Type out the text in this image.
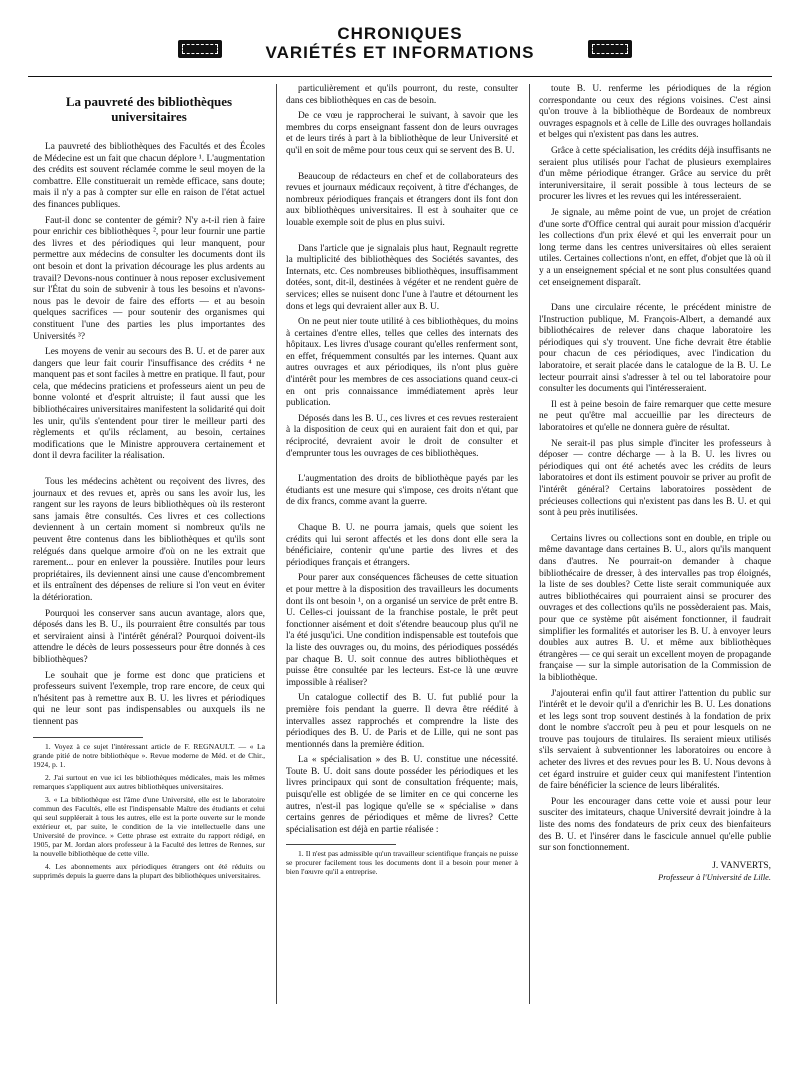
CHRONIQUES
VARIÉTÉS ET INFORMATIONS
La pauvreté des bibliothèques universitaires

La pauvreté des bibliothèques des Facultés et des Écoles de Médecine est un fait que chacun déplore ¹. L'augmentation des crédits est souvent réclamée comme le seul moyen de la combattre. Elle constituerait un remède efficace, sans doute; mais il n'y a pas à compter sur elle en raison de l'état actuel des finances publiques.

Faut-il donc se contenter de gémir? N'y a-t-il rien à faire pour enrichir ces bibliothèques ², pour leur fournir une partie des livres et des périodiques qui leur manquent, pour permettre aux médecins de consulter les documents dont ils ont besoin et dont la privation décourage les plus ardents au travail? Devons-nous continuer à nous reposer exclusivement sur l'État du soin de subvenir à tous les besoins et n'avons-nous pas le devoir de faire des efforts — et au besoin quelques sacrifices — pour soutenir des organismes qui constituent l'une des parties les plus importantes des Universités ³?

Les moyens de venir au secours des B. U. et de parer aux dangers que leur fait courir l'insuffisance des crédits ⁴ ne manquent pas et sont faciles à mettre en pratique. Il faut, pour cela, que médecins praticiens et professeurs aient un peu de bonne volonté et d'esprit altruiste; il faut aussi que les bibliothécaires universitaires manifestent la solidarité qui doit les unir, qu'ils s'entendent pour tirer le meilleur parti des règlements et qu'ils réclament, au besoin, certaines modifications que le Ministre approuvera certainement et dont il devra faciliter la réalisation.

Tous les médecins achètent ou reçoivent des livres, des journaux et des revues et, après ou sans les avoir lus, les rangent sur les rayons de leurs bibliothèques où ils resteront sans jamais être consultés. Ces livres et ces collections deviennent à un certain moment si nombreux qu'ils ne peuvent être contenus dans les bibliothèques et qu'ils sont relégués dans quelque armoire d'où on ne les extrait que rarement... pour en enlever la poussière. Inutiles pour leurs propriétaires, ils deviennent ainsi une cause d'encombrement et ils entraînent des dépenses de reliure si l'on veut en éviter la détérioration.

Pourquoi les conserver sans aucun avantage, alors que, déposés dans les B. U., ils pourraient être consultés par tous et serviraient ainsi à l'intérêt général? Pourquoi doivent-ils attendre le décès de leurs possesseurs pour être donnés à ces bibliothèques?

Le souhait que je forme est donc que praticiens et professeurs suivent l'exemple, trop rare encore, de ceux qui n'hésitent pas à remettre aux B. U. les livres et périodiques qui ne leur sont pas indispensables ou auxquels ils ne tiennent pas

1. Voyez à ce sujet l'intéressant article de F. REGNAULT. — « La grande pitié de notre bibliothèque ». Revue moderne de Méd. et de Chir., 1924, p. 1.

2. J'ai surtout en vue ici les bibliothèques médicales, mais les mêmes remarques s'appliquent aux autres bibliothèques universitaires.

3. « La bibliothèque est l'âme d'une Université, elle est le laboratoire commun des Facultés, elle est l'indispensable Maître des étudiants et celui qui seul suppléerait à tous les autres, elle est la porte ouverte sur le monde extérieur et, par suite, le condition de la vie intellectuelle dans une Université de province. » Cette phrase est extraite du rapport rédigé, en 1905, par M. Jordan alors professeur à la Faculté des lettres de Rennes, sur la nouvelle bibliothèque de cette ville.

4. Les abonnements aux périodiques étrangers ont été réduits ou supprimés depuis la guerre dans la plupart des bibliothèques universitaires.

particulièrement et qu'ils pourront, du reste, consulter dans ces bibliothèques en cas de besoin.

De ce vœu je rapprocherai le suivant, à savoir que les membres du corps enseignant fassent don de leurs ouvrages et de leurs tirés à part à la bibliothèque de leur Université et qu'il en soit de même pour tous ceux qui se servent des B. U.

Beaucoup de rédacteurs en chef et de collaborateurs des revues et journaux médicaux reçoivent, à titre d'échanges, de nombreux périodiques français et étrangers dont ils font don aux bibliothèques universitaires. Il est à souhaiter que ce louable exemple soit de plus en plus suivi.

Dans l'article que je signalais plus haut, Regnault regrette la multiplicité des bibliothèques des Sociétés savantes, des Internats, etc. Ces nombreuses bibliothèques, insuffisamment dotées, sont, dit-il, destinées à végéter et ne rendent guère de services; elles se nuisent donc l'une à l'autre et détournent les dons et legs qui devraient aller aux B. U.

On ne peut nier toute utilité à ces bibliothèques, du moins à certaines d'entre elles, telles que celles des internats des hôpitaux. Les livres d'usage courant qu'elles renferment sont, en effet, fréquemment consultés par les internes. Quant aux autres ouvrages et aux périodiques, ils n'ont plus guère d'intérêt pour les membres de ces associations quand ceux-ci en ont pris connaissance immédiatement après leur publication.

Déposés dans les B. U., ces livres et ces revues resteraient à la disposition de ceux qui en auraient fait don et qui, par réciprocité, devraient avoir le droit de consulter et d'emprunter tous les ouvrages de ces bibliothèques.

L'augmentation des droits de bibliothèque payés par les étudiants est une mesure qui s'impose, ces droits n'étant que de dix francs, comme avant la guerre.

Chaque B. U. ne pourra jamais, quels que soient les crédits qui lui seront affectés et les dons dont elle sera la bénéficiaire, contenir qu'une partie des livres et des périodiques français et étrangers.

Pour parer aux conséquences fâcheuses de cette situation et pour mettre à la disposition des travailleurs les documents dont ils ont besoin ¹, on a organisé un service de prêt entre B. U. Celles-ci jouissant de la franchise postale, le prêt peut fonctionner aisément et doit s'étendre beaucoup plus qu'il ne l'a été jusqu'ici. Une condition indispensable est toutefois que la liste des ouvrages ou, du moins, des périodiques possédés par chaque B. U. soit connue des autres bibliothèques et puisse être consultée par les lecteurs. Est-ce là une œuvre impossible à réaliser?

Un catalogue collectif des B. U. fut publié pour la première fois pendant la guerre. Il devra être réédité à intervalles assez rapprochés et comprendre la liste des périodiques des B. U. de Paris et de Lille, qui ne sont pas mentionnés dans la première édition.

La « spécialisation » des B. U. constitue une nécessité. Toute B. U. doit sans doute posséder les périodiques et les livres principaux qui sont de consultation fréquente; mais, puisqu'elle est obligée de se limiter en ce qui concerne les autres, n'est-il pas logique qu'elle se « spécialise » dans certains genres de périodiques et même de livres? Cette spécialisation est déjà en partie réalisée :

1. Il n'est pas admissible qu'un travailleur scientifique français ne puisse se procurer facilement tous les documents dont il a besoin pour mener à bien l'œuvre qu'il a entreprise.

toute B. U. renferme les périodiques de la région correspondante ou ceux des régions voisines. C'est ainsi qu'on trouve à la bibliothèque de Bordeaux de nombreux ouvrages espagnols et à celle de Lille des ouvrages hollandais et belges qui n'existent pas dans les autres.

Grâce à cette spécialisation, les crédits déjà insuffisants ne seraient plus utilisés pour l'achat de plusieurs exemplaires d'un même périodique étranger. Grâce au service du prêt interuniversitaire, il serait possible à tous lecteurs de se procurer les livres et les revues qui les intéresseraient.

Je signale, au même point de vue, un projet de création d'une sorte d'Office central qui aurait pour mission d'acquérir les collections d'un prix élevé et qui les enverrait pour un long terme dans les centres universitaires où elles seraient utiles. Certaines collections n'ont, en effet, d'objet que là où il y a un enseignement spécial et ne sont plus consultées quand cet enseignement disparaît.

Dans une circulaire récente, le précédent ministre de l'Instruction publique, M. François-Albert, a demandé aux bibliothécaires de relever dans chaque laboratoire les périodiques qui s'y trouvent. Une fiche devrait être établie pour chacun de ces périodiques, avec l'indication du laboratoire, et serait placée dans le catalogue de la B. U. Le lecteur pourrait ainsi s'adresser à tel ou tel laboratoire pour consulter les documents qui l'intéresseraient.

Il est à peine besoin de faire remarquer que cette mesure ne peut qu'être mal accueillie par les directeurs de laboratoires et qu'elle ne donnera guère de résultat.

Ne serait-il pas plus simple d'inciter les professeurs à déposer — contre décharge — à la B. U. les livres ou périodiques qui ont été achetés avec les crédits de leurs laboratoires et dont ils estiment pouvoir se priver au profit de l'intérêt général? Certains laboratoires possèdent de précieuses collections qui n'existent pas dans les B. U. et qui sont à peu près inutilisées.

Certains livres ou collections sont en double, en triple ou même davantage dans certaines B. U., alors qu'ils manquent dans d'autres. Ne pourrait-on demander à chaque bibliothécaire de dresser, à des intervalles pas trop éloignés, la liste de ses doubles? Cette liste serait communiquée aux autres bibliothécaires qui pourraient ainsi se procurer des ouvrages et des collections qu'ils ne possèderaient pas. Mais, pour que ce système pût aisément fonctionner, il faudrait simplifier les formalités et autoriser les B. U. à envoyer leurs doubles aux autres B. U. et même aux bibliothèques étrangères — ce qui serait un excellent moyen de propagande française — sur la simple autorisation de la Commission de la bibliothèque.

J'ajouterai enfin qu'il faut attirer l'attention du public sur l'intérêt et le devoir qu'il a d'enrichir les B. U. Les donations et les legs sont trop souvent destinés à la fondation de prix dont le nombre s'accroît peu à peu et pour lesquels on ne trouve pas toujours de titulaires. Ils seraient mieux utilisés s'ils servaient à subventionner les laboratoires ou encore à acheter des livres et des revues pour les B. U. Nous devons à cet égard instruire et guider ceux qui manifestent l'intention de faire bénéficier la science de leurs libéralités.

Pour les encourager dans cette voie et aussi pour leur susciter des imitateurs, chaque Université devrait joindre à la liste des noms des fondateurs de prix ceux des bienfaiteurs des B. U. et l'insérer dans le fascicule annuel qu'elle publie sur son fonctionnement.

J. VANVERTS,
Professeur à l'Université de Lille.
